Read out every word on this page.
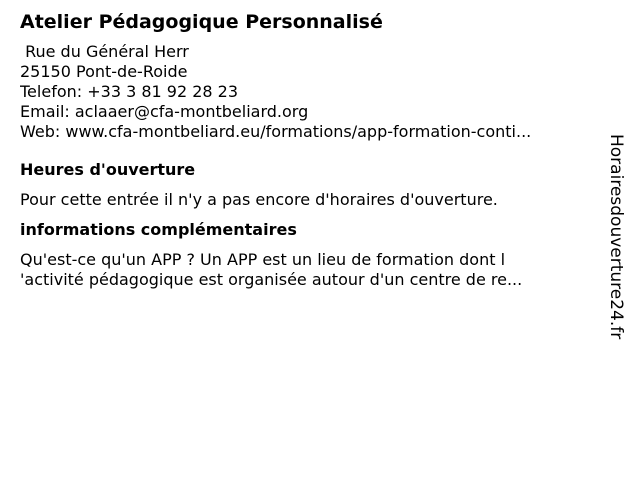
Atelier Pédagogique Personnalisé
Rue du Général Herr
25150 Pont-de-Roide
Telefon: +33 3 81 92 28 23
Email: aclaaer@cfa-montbeliard.org
Web: www.cfa-montbeliard.eu/formations/app-formation-conti...
Heures d'ouverture
Pour cette entrée il n'y a pas encore d'horaires d'ouverture.
informations complémentaires
Qu'est-ce qu'un APP ? Un APP est un lieu de formation dont l
'activité pédagogique est organisée autour d'un centre de re...	Horairesdouverture24.fr
